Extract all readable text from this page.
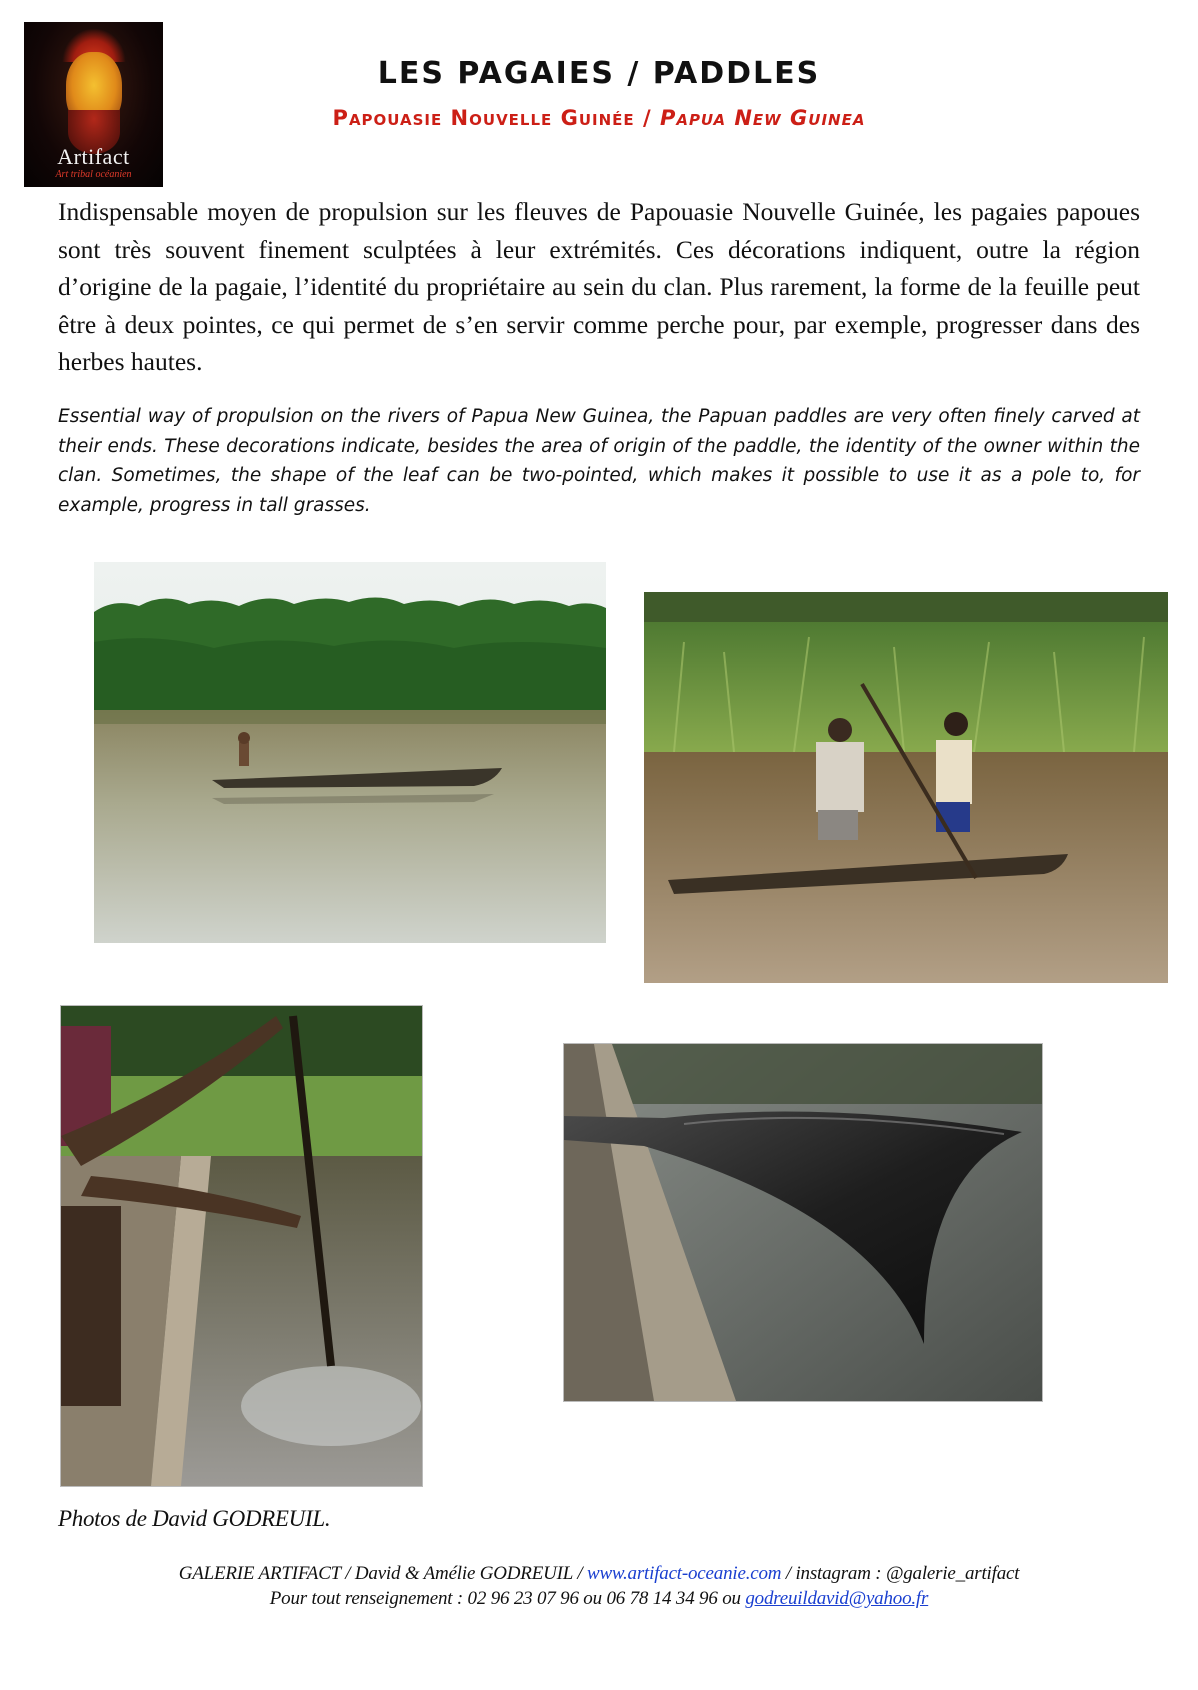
Artifact
Art tribal océanien
LES PAGAIES / PADDLES
Papouasie Nouvelle Guinée / Papua New Guinea

Indispensable moyen de propulsion sur les fleuves de Papouasie Nouvelle Guinée, les pagaies papoues sont très souvent finement sculptées à leur extrémités. Ces décorations indiquent, outre la région d’origine de la pagaie, l’identité du propriétaire au sein du clan. Plus rarement, la forme de la feuille peut être à deux pointes, ce qui permet de s’en servir comme perche pour, par exemple, progresser dans des herbes hautes.

Essential way of propulsion on the rivers of Papua New Guinea, the Papuan paddles are very often finely carved at their ends. These decorations indicate, besides the area of origin of the paddle, the identity of the owner within the clan. Sometimes, the shape of the leaf can be two-pointed, which makes it possible to use it as a pole to, for example, progress in tall grasses.

Photos de David GODREUIL.

GALERIE ARTIFACT / David & Amélie GODREUIL / www.artifact-oceanie.com / instagram : @galerie_artifact
Pour tout renseignement : 02 96 23 07 96 ou 06 78 14 34 96 ou godreuildavid@yahoo.fr
